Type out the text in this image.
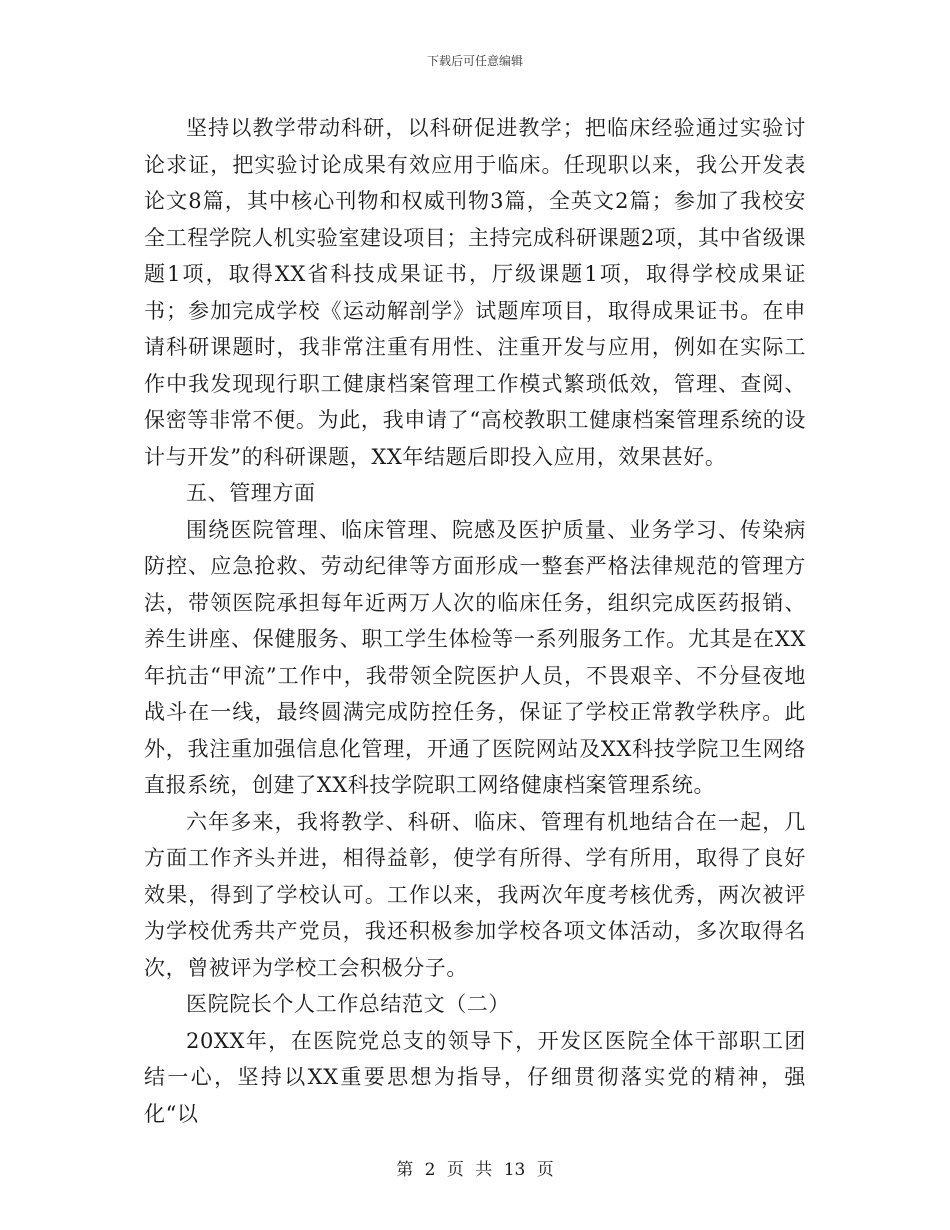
下载后可任意编辑

坚持以教学带动科研，以科研促进教学；把临床经验通过实验讨论求证，把实验讨论成果有效应用于临床。任现职以来，我公开发表论文8篇，其中核心刊物和权威刊物3篇，全英文2篇；参加了我校安全工程学院人机实验室建设项目；主持完成科研课题2项，其中省级课题1项，取得XX省科技成果证书，厅级课题1项，取得学校成果证书；参加完成学校《运动解剖学》试题库项目，取得成果证书。在申请科研课题时，我非常注重有用性、注重开发与应用，例如在实际工作中我发现现行职工健康档案管理工作模式繁琐低效，管理、查阅、保密等非常不便。为此，我申请了“高校教职工健康档案管理系统的设计与开发”的科研课题，XX年结题后即投入应用，效果甚好。

五、管理方面

围绕医院管理、临床管理、院感及医护质量、业务学习、传染病防控、应急抢救、劳动纪律等方面形成一整套严格法律规范的管理方法，带领医院承担每年近两万人次的临床任务，组织完成医药报销、养生讲座、保健服务、职工学生体检等一系列服务工作。尤其是在XX年抗击“甲流”工作中，我带领全院医护人员，不畏艰辛、不分昼夜地战斗在一线，最终圆满完成防控任务，保证了学校正常教学秩序。此外，我注重加强信息化管理，开通了医院网站及XX科技学院卫生网络直报系统，创建了XX科技学院职工网络健康档案管理系统。

六年多来，我将教学、科研、临床、管理有机地结合在一起，几方面工作齐头并进，相得益彰，使学有所得、学有所用，取得了良好效果，得到了学校认可。工作以来，我两次年度考核优秀，两次被评为学校优秀共产党员，我还积极参加学校各项文体活动，多次取得名次，曾被评为学校工会积极分子。

医院院长个人工作总结范文（二）

20XX年，在医院党总支的领导下，开发区医院全体干部职工团结一心，坚持以XX重要思想为指导，仔细贯彻落实党的精神，强化“以

第 2 页 共 13 页
